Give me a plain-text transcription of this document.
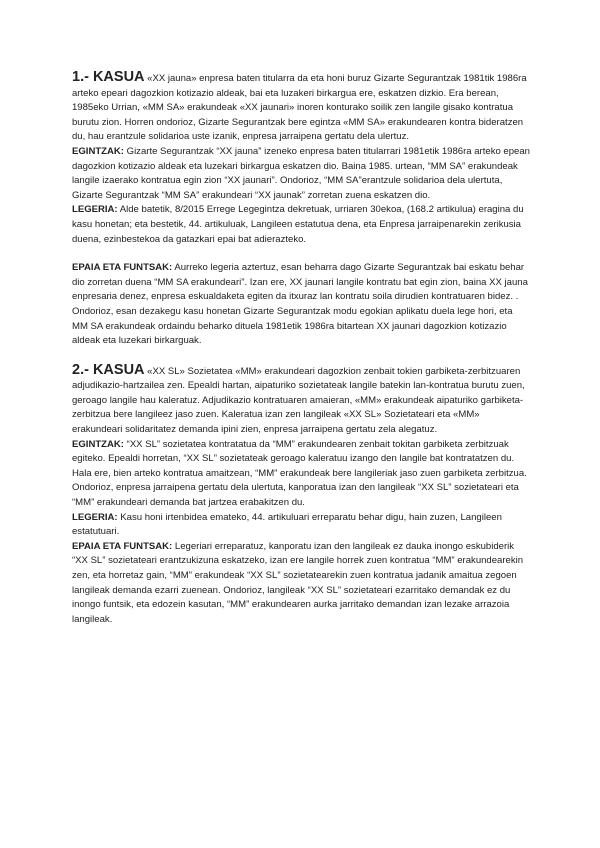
1.- KASUA «XX jauna» enpresa baten titularra da eta honi buruz Gizarte Segurantzak 1981tik 1986ra arteko epeari dagozkion kotizazio aldeak, bai eta luzakeri birkargua ere, eskatzen dizkio. Era berean, 1985eko Urrian, «MM SA» erakundeak «XX jaunari» inoren konturako soilik zen langile gisako kontratua burutu zion. Horren ondorioz, Gizarte Segurantzak bere egintza «MM SA» erakundearen kontra bideratzen du, hau erantzule solidarioa uste izanik, enpresa jarraipena gertatu dela ulertuz.

EGINTZAK: Gizarte Segurantzak “XX jauna” izeneko enpresa baten titularrari 1981etik 1986ra arteko epean dagozkion kotizazio aldeak eta luzekari birkargua eskatzen dio. Baina 1985. urtean, “MM SA” erakundeak langile izaerako kontratua egin zion “XX jaunari”. Ondorioz, “MM SA”erantzule solidarioa dela ulertuta, Gizarte Segurantzak “MM SA” erakundeari “XX jaunak” zorretan zuena eskatzen dio.

LEGERIA: Alde batetik, 8/2015 Errege Legegintza dekretuak, urriaren 30ekoa, (168.2 artikulua) eragina du kasu honetan; eta bestetik, 44. artikuluak, Langileen estatutua dena, eta Enpresa jarraipenarekin zerikusia duena, ezinbestekoa da gatazkari epai bat adierazteko.

EPAIA ETA FUNTSAK: Aurreko legeria aztertuz, esan beharra dago Gizarte Segurantzak bai eskatu behar dio zorretan duena “MM SA erakundeari”. Izan ere, XX jaunari langile kontratu bat egin zion, baina XX jauna enpresaria denez, enpresa eskualdaketa egiten da itxuraz lan kontratu soila dirudien kontratuaren bidez. . Ondorioz, esan dezakegu kasu honetan Gizarte Segurantzak modu egokian aplikatu duela lege hori, eta MM SA erakundeak ordaindu beharko dituela 1981etik 1986ra bitartean XX jaunari dagozkion kotizazio aldeak eta luzekari birkarguak.

2.- KASUA «XX SL» Sozietatea «MM» erakundeari dagozkion zenbait tokien garbiketa-zerbitzuaren adjudikazio-hartzailea zen. Epealdi hartan, aipaturiko sozietateak langile batekin lan-kontratua burutu zuen, geroago langile hau kaleratuz. Adjudikazio kontratuaren amaieran, «MM» erakundeak aipaturiko garbiketa-zerbitzua bere langileez jaso zuen. Kaleratua izan zen langileak «XX SL» Sozietateari eta «MM» erakundeari solidaritatez demanda ipini zien, enpresa jarraipena gertatu zela alegatuz.

EGINTZAK: “XX SL” sozietatea kontratatua da “MM” erakundearen zenbait tokitan garbiketa zerbitzuak egiteko. Epealdi horretan, “XX SL” sozietateak geroago kaleratuu izango den langile bat kontratatzen du. Hala ere, bien arteko kontratua amaitzean, “MM” erakundeak bere langileriak jaso zuen garbiketa zerbitzua. Ondorioz, enpresa jarraipena gertatu dela ulertuta, kanporatua izan den langileak “XX SL” sozietateari eta “MM” erakundeari demanda bat jartzea erabakitzen du.

LEGERIA: Kasu honi irtenbidea emateko, 44. artikuluari erreparatu behar digu, hain zuzen, Langileen estatutuari.

EPAIA ETA FUNTSAK: Legeriari erreparatuz, kanporatu izan den langileak ez dauka inongo eskubiderik “XX SL” sozietateari erantzukizuna eskatzeko, izan ere langile horrek zuen kontratua “MM” erakundearekin zen, eta horretaz gain, “MM” erakundeak “XX SL” sozietatearekin zuen kontratua jadanik amaitua zegoen langileak demanda ezarri zuenean. Ondorioz, langileak “XX SL” sozietateari ezarritako demandak ez du inongo funtsik, eta edozein kasutan, “MM” erakundearen aurka jarritako demandan izan lezake arrazoia langileak.
